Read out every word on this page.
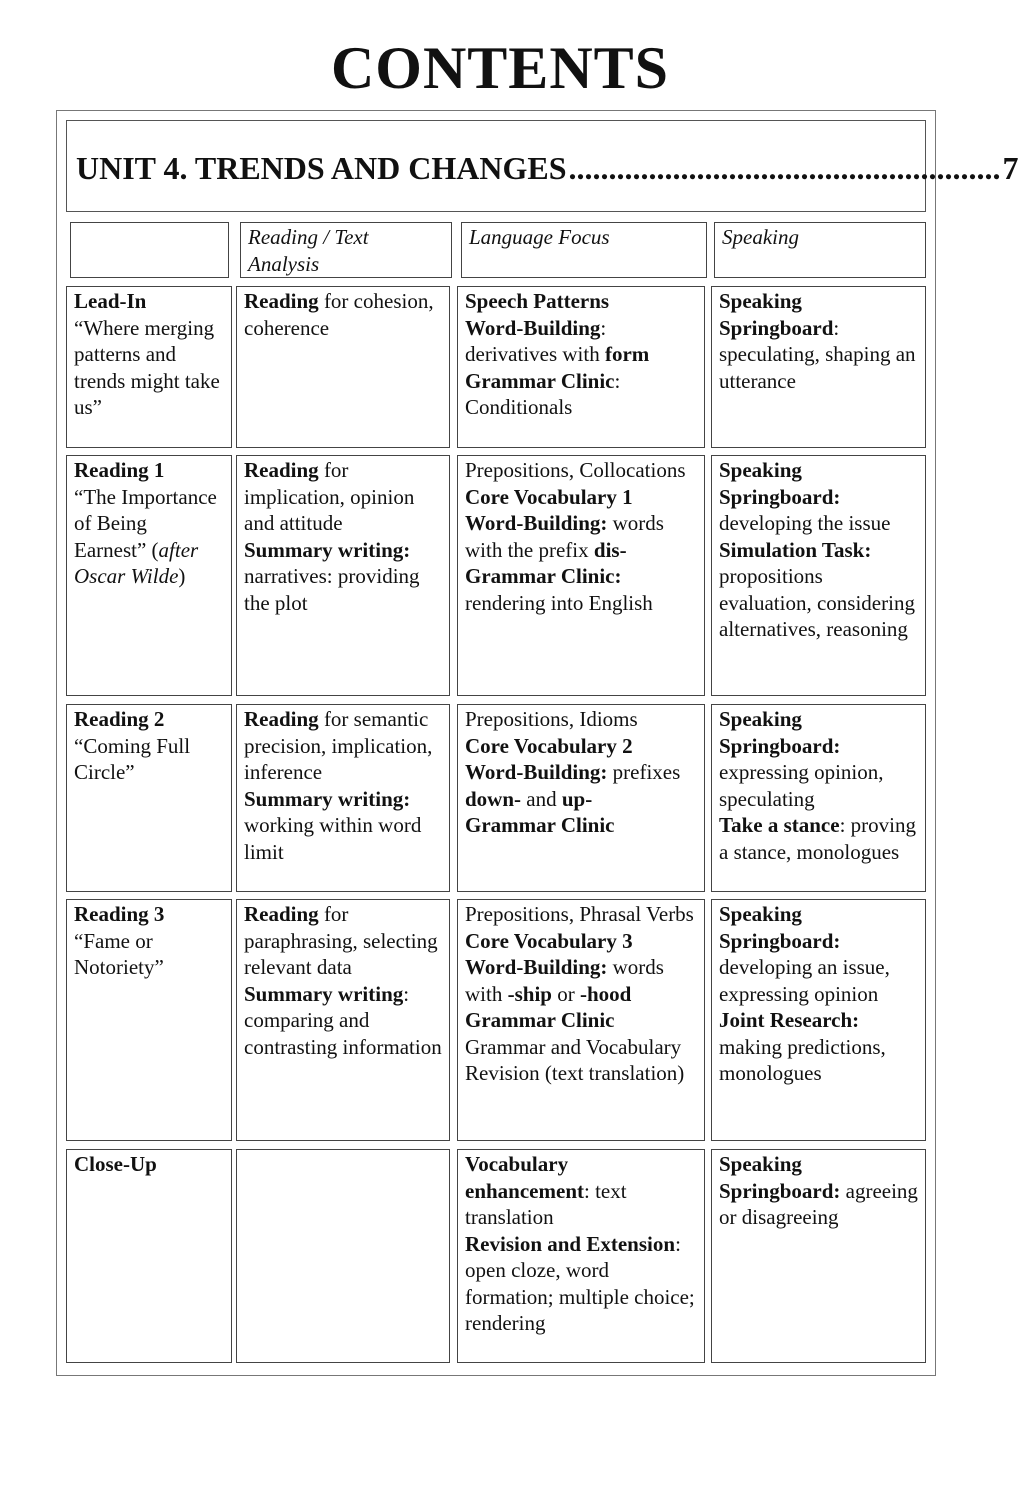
CONTENTS
UNIT 4. TRENDS AND CHANGES ...................................................... 7
Reading / Text Analysis
Language Focus	Speaking

Lead-In

“Where merging patterns and trends might take us”

Reading for cohesion, coherence

Speech Patterns

Word-Building: derivatives with form

Grammar Clinic: Conditionals

Speaking Springboard: speculating, shaping an utterance

Reading 1

“The Importance of Being Earnest” (after Oscar Wilde)

Reading for implication, opinion and attitude

Summary writing: narratives: providing the plot

Prepositions, Collocations

Core Vocabulary 1

Word-Building: words with the prefix dis-

Grammar Clinic: rendering into English

Speaking Springboard: developing the issue

Simulation Task: propositions evaluation, considering alternatives, reasoning

Reading 2

“Coming Full Circle”

Reading for semantic precision, implication, inference

Summary writing: working within word limit

Prepositions, Idioms

Core Vocabulary 2

Word-Building: prefixes down- and up-

Grammar Clinic

Speaking Springboard: expressing opinion, speculating

Take a stance: proving a stance, monologues

Reading 3

“Fame or Notoriety”

Reading for paraphrasing, selecting relevant data

Summary writing: comparing and contrasting information

Prepositions, Phrasal Verbs

Core Vocabulary 3

Word-Building: words with -ship or -hood

Grammar Clinic

Grammar and Vocabulary Revision (text translation)

Speaking Springboard: developing an issue, expressing opinion

Joint Research: making predictions, monologues

Close-Up	Vocabulary enhancement: text translation

Revision and Extension: open cloze, word formation; multiple choice; rendering

Speaking Springboard: agreeing or disagreeing
